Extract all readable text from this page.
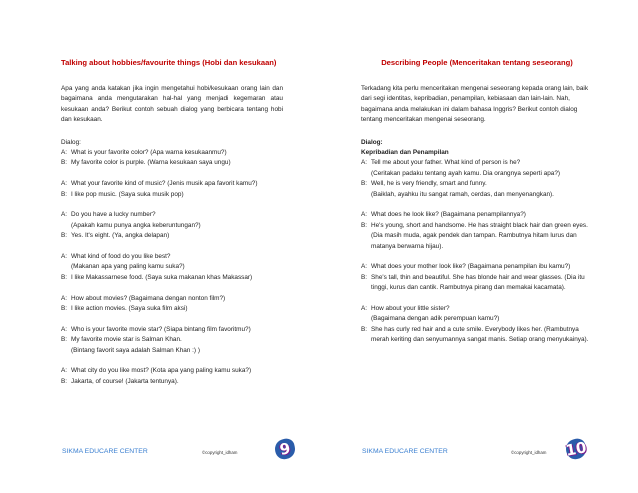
Talking about hobbies/favourite things (Hobi dan kesukaan)
Apa yang anda katakan jika ingin mengetahui hobi/kesukaan orang lain dan bagaimana anda mengutarakan hal-hal yang menjadi kegemaran atau kesukaan anda? Berikut contoh sebuah dialog yang berbicara tentang hobi dan kesukaan.
Dialog:
A: What is your favorite color? (Apa warna kesukaanmu?)
B: My favorite color is purple. (Warna kesukaan saya ungu)
A: What your favorite kind of music? (Jenis musik apa favorit kamu?)
B: I like pop music. (Saya suka musik pop)
A: Do you have a lucky number?
(Apakah kamu punya angka keberuntungan?)
B: Yes. It's eight. (Ya, angka delapan)
A: What kind of food do you like best?
(Makanan apa yang paling kamu suka?)
B: I like Makassarnese food. (Saya suka makanan khas Makassar)
A: How about movies? (Bagaimana dengan nonton film?)
B: I like action movies. (Saya suka film aksi)
A: Who is your favorite movie star? (Siapa bintang film favoritmu?)
B: My favorite movie star is Salman Khan.
(Bintang favorit saya adalah Salman Khan :) )
A: What city do you like most? (Kota apa yang paling kamu suka?)
B: Jakarta, of course! (Jakarta tentunya).
SIKMA EDUCARE CENTER	©copyright_idham	9
Describing People (Menceritakan tentang seseorang)
Terkadang kita perlu menceritakan mengenai seseorang kepada orang lain, baik dari segi identitas, kepribadian, penampilan, kebiasaan dan lain-lain. Nah, bagaimana anda melakukan ini dalam bahasa Inggris? Berikut contoh dialog tentang menceritakan mengenai seseorang.
Dialog:
Kepribadian dan Penampilan
A: Tell me about your father. What kind of person is he?
(Ceritakan padaku tentang ayah kamu. Dia orangnya seperti apa?)
B: Well, he is very friendly, smart and funny.
(Baiklah, ayahku itu sangat ramah, cerdas, dan menyenangkan).
A: What does he look like? (Bagaimana penampilannya?)
B: He's young, short and handsome. He has straight black hair dan green eyes. (Dia masih muda, agak pendek dan tampan. Rambutnya hitam lurus dan matanya berwarna hijau).
A: What does your mother look like? (Bagaimana penampilan ibu kamu?)
B: She's tall, thin and beautiful. She has blonde hair and wear glasses. (Dia itu tinggi, kurus dan cantik. Rambutnya pirang dan memakai kacamata).
A: How about your little sister?
(Bagaimana dengan adik perempuan kamu?)
B: She has curly red hair and a cute smile. Everybody likes her. (Rambutnya merah keriting dan senyumannya sangat manis. Setiap orang menyukainya).
SIKMA EDUCARE CENTER	©copyright_idham 10
